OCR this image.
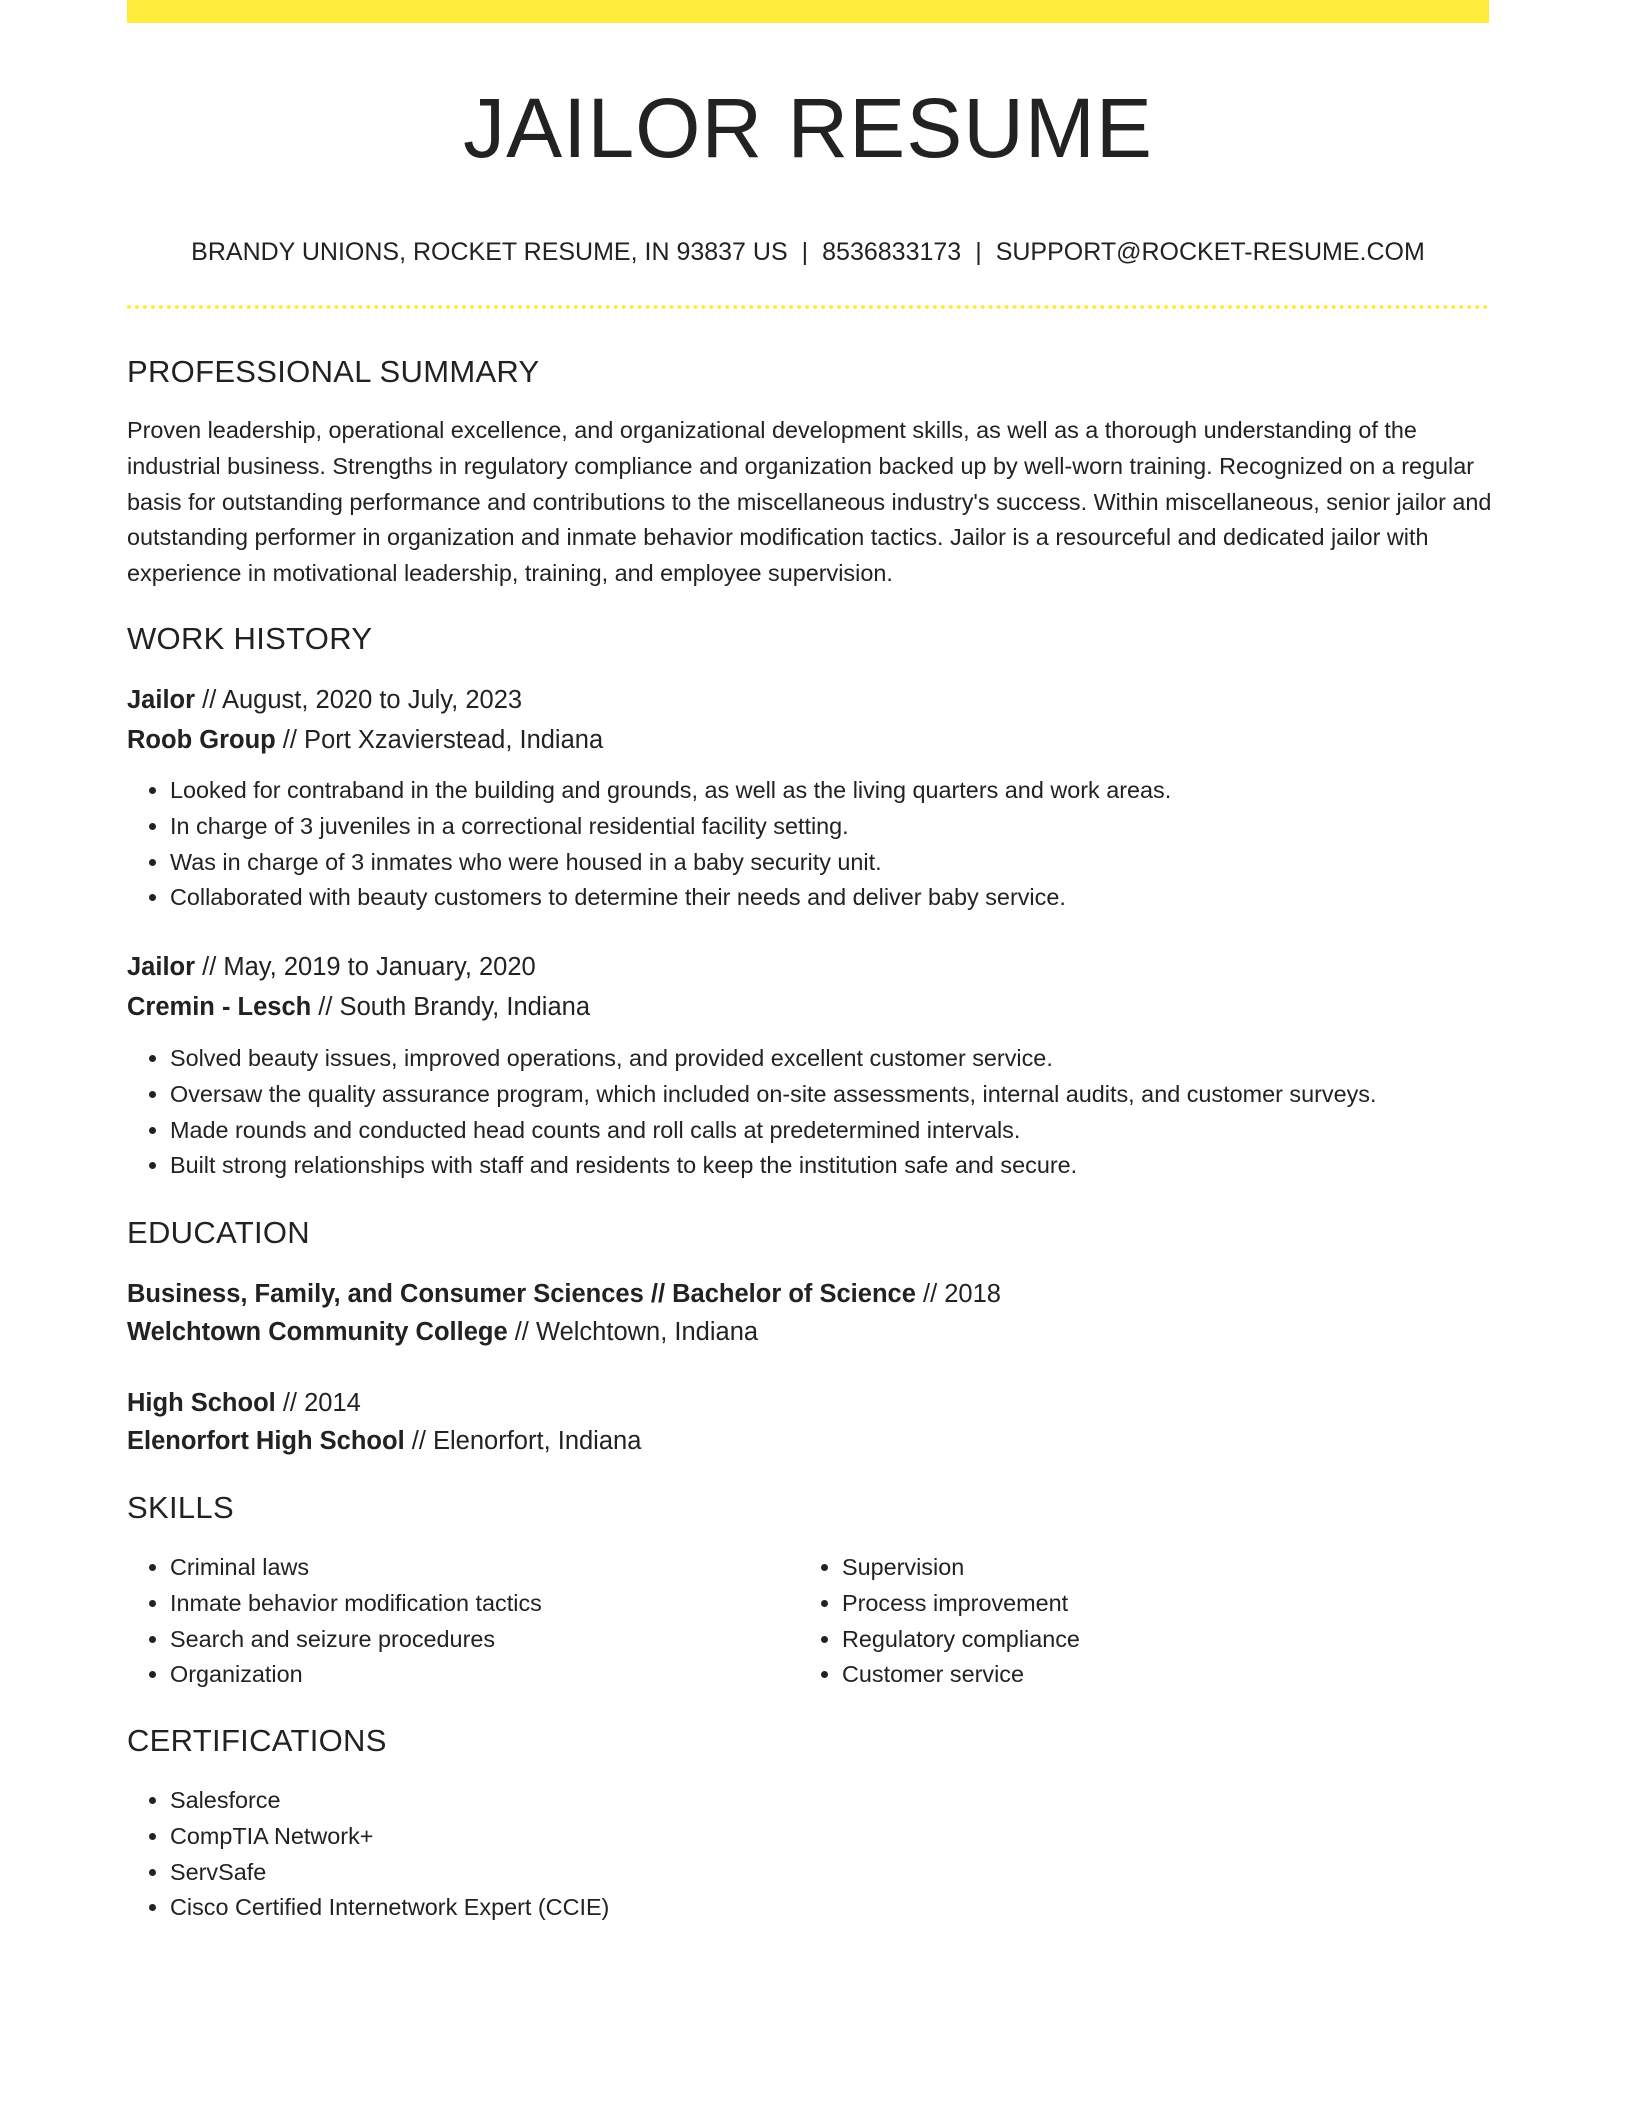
JAILOR RESUME
BRANDY UNIONS, ROCKET RESUME, IN 93837 US | 8536833173 | SUPPORT@ROCKET-RESUME.COM
PROFESSIONAL SUMMARY
Proven leadership, operational excellence, and organizational development skills, as well as a thorough understanding of the industrial business. Strengths in regulatory compliance and organization backed up by well-worn training. Recognized on a regular basis for outstanding performance and contributions to the miscellaneous industry's success. Within miscellaneous, senior jailor and outstanding performer in organization and inmate behavior modification tactics. Jailor is a resourceful and dedicated jailor with experience in motivational leadership, training, and employee supervision.
WORK HISTORY
Jailor // August, 2020 to July, 2023
Roob Group // Port Xzavierstead, Indiana
• Looked for contraband in the building and grounds, as well as the living quarters and work areas.
• In charge of 3 juveniles in a correctional residential facility setting.
• Was in charge of 3 inmates who were housed in a baby security unit.
• Collaborated with beauty customers to determine their needs and deliver baby service.
Jailor // May, 2019 to January, 2020
Cremin - Lesch // South Brandy, Indiana
• Solved beauty issues, improved operations, and provided excellent customer service.
• Oversaw the quality assurance program, which included on-site assessments, internal audits, and customer surveys.
• Made rounds and conducted head counts and roll calls at predetermined intervals.
• Built strong relationships with staff and residents to keep the institution safe and secure.
EDUCATION
Business, Family, and Consumer Sciences // Bachelor of Science // 2018
Welchtown Community College // Welchtown, Indiana
High School // 2014
Elenorfort High School // Elenorfort, Indiana
SKILLS
• Criminal laws
• Inmate behavior modification tactics
• Search and seizure procedures
• Organization
• Supervision
• Process improvement
• Regulatory compliance
• Customer service
CERTIFICATIONS
• Salesforce
• CompTIA Network+
• ServSafe
• Cisco Certified Internetwork Expert (CCIE)
